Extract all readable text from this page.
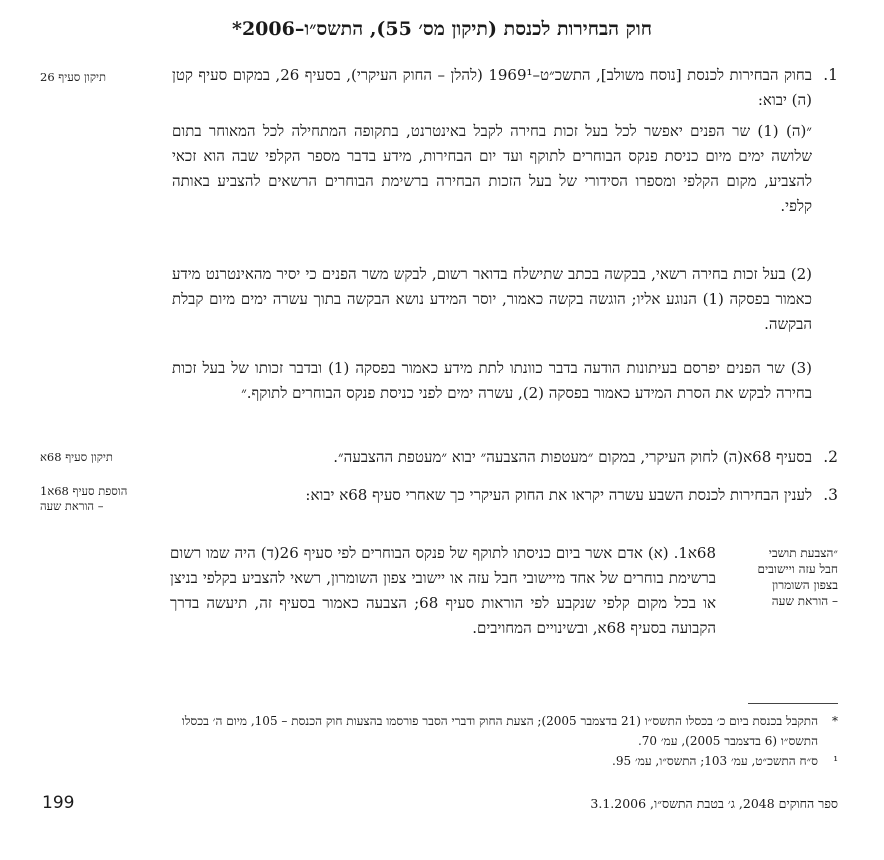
חוק הבחירות לכנסת (תיקון מס׳ 55), התשס״ו–2006*
תיקון סעיף 26	1.
בחוק הבחירות לכנסת [נוסח משולב], התשכ״ט–1969¹ (להלן – החוק העיקרי), בסעיף 26, במקום סעיף קטן (ה) יבוא:
״(ה) (1) שר הפנים יאפשר לכל בעל זכות בחירה לקבל באינטרנט, בתקופה המתחילה לכל המאוחר בתום שלושה ימים מיום כניסת פנקס הבוחרים לתוקף ועד יום הבחירות, מידע בדבר מספר הקלפי שבה הוא זכאי להצביע, מקום הקלפי ומספרו הסידורי של בעל הזכות הבחירה ברשימת הבוחרים הרשאים להצביע באותה קלפי.
(2) בעל זכות בחירה רשאי, בבקשה בכתב שתישלח בדואר רשום, לבקש משר הפנים כי יסיר מהאינטרנט מידע כאמור בפסקה (1) הנוגע אליו; הוגשה בקשה כאמור, יוסר המידע נושא הבקשה בתוך עשרה ימים מיום קבלת הבקשה.
(3) שר הפנים יפרסם בעיתונות הודעה בדבר כוונתו לתת מידע כאמור בפסקה (1) ובדבר זכותו של בעל זכות בחירה לבקש את הסרת המידע כאמור בפסקה (2), עשרה ימים לפני כניסת פנקס הבוחרים לתוקף.״
תיקון סעיף 68א	2.
בסעיף 68א(ה) לחוק העיקרי, במקום ״מעטפות ההצבעה״ יבוא ״מעטפת ההצבעה״.
הוספת סעיף 68א1
– הוראת שעה
3.
לענין הבחירות לכנסת השבע עשרה יקראו את החוק העיקרי כך שאחרי סעיף 68א יבוא:
״הצבעת תושבי
חבל עזה ויישובים
בצפון השומרון
– הוראת שעה
68א1. (א) אדם אשר ביום כניסתו לתוקף של פנקס הבוחרים לפי סעיף 26(ד) היה שמו רשום ברשימת בוחרים של אחד מיישובי חבל עזה או יישובי צפון השומרון, רשאי להצביע בקלפי בניצן או בכל מקום קלפי שנקבע לפי הוראות סעיף 68; הצבעה כאמור בסעיף זה, תיעשה בדרך הקבועה בסעיף 68א, ובשינויים המחויבים.
*
התקבל בכנסת ביום כ׳ בכסלו התשס״ו (21 בדצמבר 2005); הצעת החוק ודברי הסבר פורסמו בהצעות חוק הכנסת – 105, מיום ה׳ בכסלו התשס״ו (6 בדצמבר 2005), עמ׳ 70.
¹
ס״ח התשכ״ט, עמ׳ 103; התשס״ו, עמ׳ 95.
199	ספר החוקים 2048, ג׳ בטבת התשס״ו, 3.1.2006
